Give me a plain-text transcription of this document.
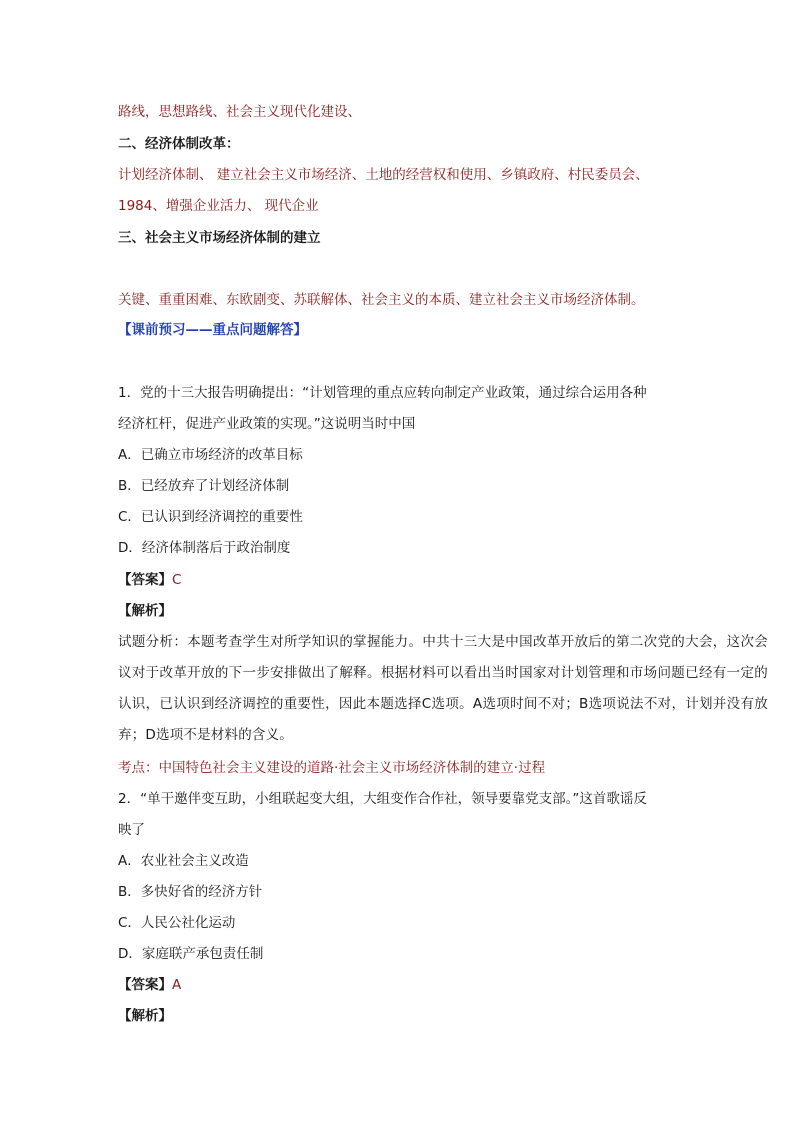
路线，思想路线、社会主义现代化建设、
二、经济体制改革：
计划经济体制、 建立社会主义市场经济、土地的经营权和使用、乡镇政府、村民委员会、
1984、增强企业活力、 现代企业
三、社会主义市场经济体制的建立
关键、重重困难、东欧剧变、苏联解体、社会主义的本质、建立社会主义市场经济体制。
【课前预习——重点问题解答】
1．党的十三大报告明确提出：“计划管理的重点应转向制定产业政策，通过综合运用各种
经济杠杆，促进产业政策的实现。”这说明当时中国
A．已确立市场经济的改革目标
B．已经放弃了计划经济体制
C．已认识到经济调控的重要性
D．经济体制落后于政治制度
【答案】C
【解析】
试题分析：本题考查学生对所学知识的掌握能力。中共十三大是中国改革开放后的第二次党的大会，这次会议对于改革开放的下一步安排做出了解释。根据材料可以看出当时国家对计划管理和市场问题已经有一定的认识，已认识到经济调控的重要性，因此本题选择C选项。A选项时间不对；B选项说法不对，计划并没有放弃；D选项不是材料的含义。
考点：中国特色社会主义建设的道路·社会主义市场经济体制的建立·过程
2．“单干邀伴变互助，小组联起变大组，大组变作合作社，领导要靠党支部。”这首歌谣反
映了
A．农业社会主义改造
B．多快好省的经济方针
C．人民公社化运动
D．家庭联产承包责任制
【答案】A
【解析】
